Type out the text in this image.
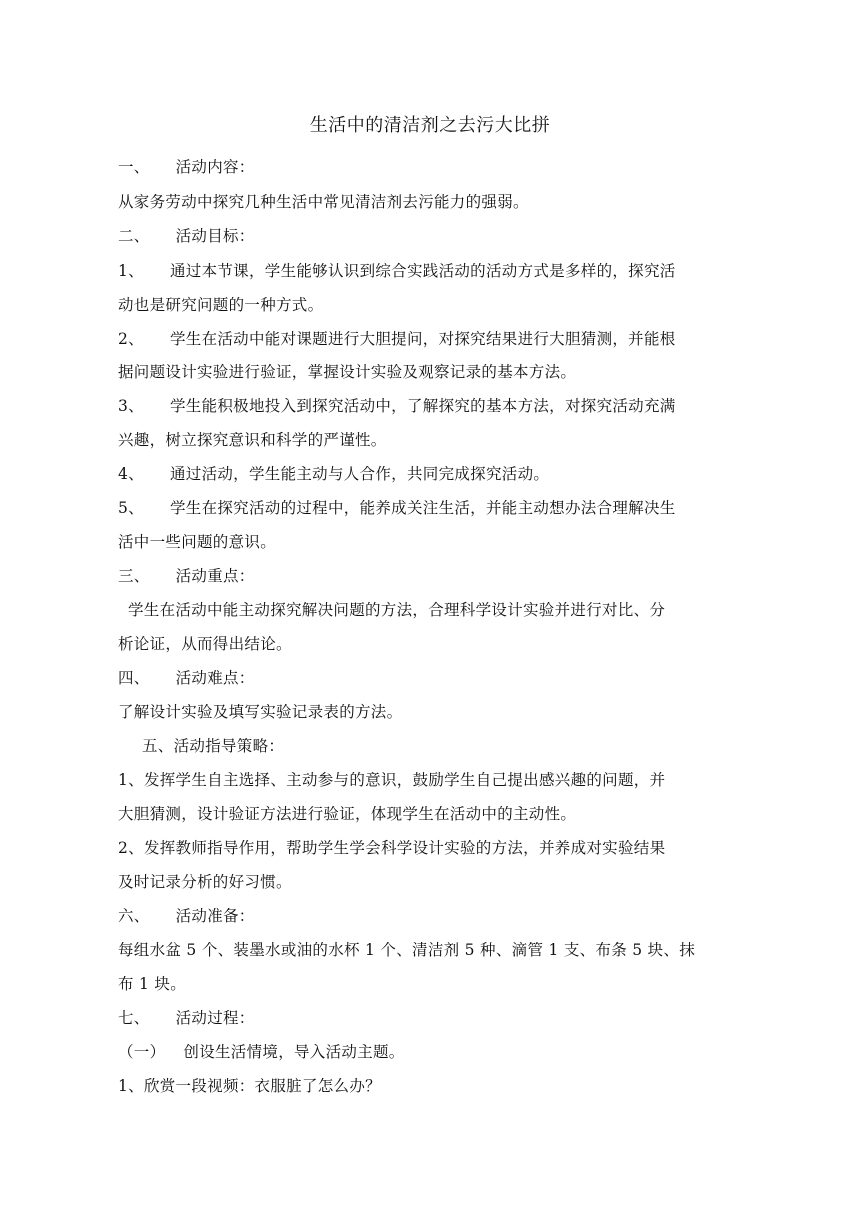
生活中的清洁剂之去污大比拼
一、 活动内容：
从家务劳动中探究几种生活中常见清洁剂去污能力的强弱。
二、 活动目标：
1、 通过本节课，学生能够认识到综合实践活动的活动方式是多样的，探究活
动也是研究问题的一种方式。
2、 学生在活动中能对课题进行大胆提问，对探究结果进行大胆猜测，并能根
据问题设计实验进行验证，掌握设计实验及观察记录的基本方法。
3、 学生能积极地投入到探究活动中，了解探究的基本方法，对探究活动充满
兴趣，树立探究意识和科学的严谨性。
4、 通过活动，学生能主动与人合作，共同完成探究活动。
5、 学生在探究活动的过程中，能养成关注生活，并能主动想办法合理解决生
活中一些问题的意识。
三、 活动重点：
学生在活动中能主动探究解决问题的方法，合理科学设计实验并进行对比、分
析论证，从而得出结论。
四、 活动难点：
了解设计实验及填写实验记录表的方法。
五、活动指导策略：
1、发挥学生自主选择、主动参与的意识，鼓励学生自己提出感兴趣的问题，并
大胆猜测，设计验证方法进行验证，体现学生在活动中的主动性。
2、发挥教师指导作用，帮助学生学会科学设计实验的方法，并养成对实验结果
及时记录分析的好习惯。
六、 活动准备：
每组水盆 5 个、装墨水或油的水杯 1 个、清洁剂 5 种、滴管 1 支、布条 5 块、抹
布 1 块。
七、 活动过程：
（一） 创设生活情境，导入活动主题。
1、欣赏一段视频：衣服脏了怎么办？
